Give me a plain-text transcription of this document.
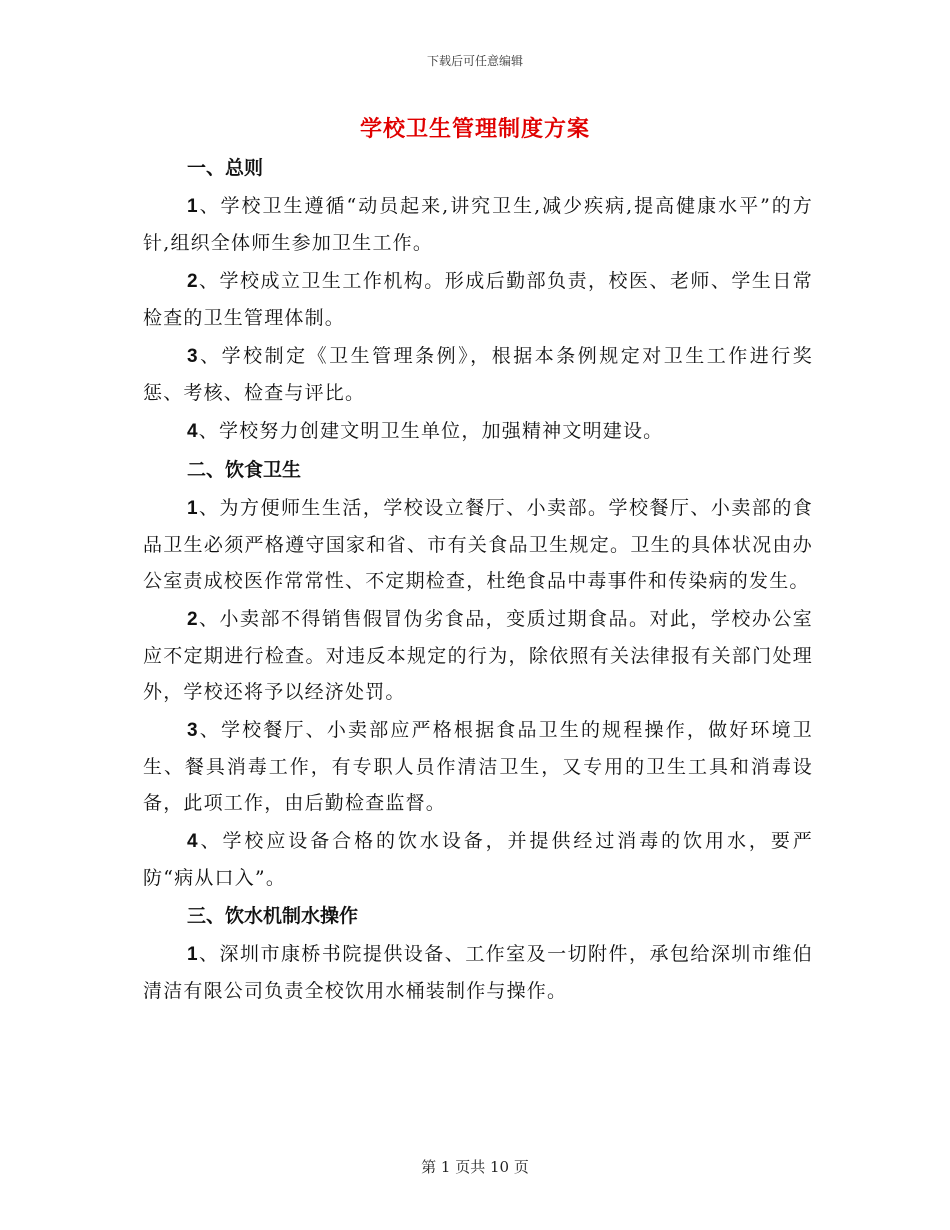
下载后可任意编辑
学校卫生管理制度方案
一、总则

1、学校卫生遵循“动员起来,讲究卫生,减少疾病,提高健康水平”的方针,组织全体师生参加卫生工作。

2、学校成立卫生工作机构。形成后勤部负责，校医、老师、学生日常检查的卫生管理体制。

3、学校制定《卫生管理条例》，根据本条例规定对卫生工作进行奖惩、考核、检查与评比。

4、学校努力创建文明卫生单位，加强精神文明建设。

二、饮食卫生

1、为方便师生生活，学校设立餐厅、小卖部。学校餐厅、小卖部的食品卫生必须严格遵守国家和省、市有关食品卫生规定。卫生的具体状况由办公室责成校医作常常性、不定期检查，杜绝食品中毒事件和传染病的发生。

2、小卖部不得销售假冒伪劣食品，变质过期食品。对此，学校办公室应不定期进行检查。对违反本规定的行为，除依照有关法律报有关部门处理外，学校还将予以经济处罚。

3、学校餐厅、小卖部应严格根据食品卫生的规程操作，做好环境卫生、餐具消毒工作，有专职人员作清洁卫生，又专用的卫生工具和消毒设备，此项工作，由后勤检查监督。

4、学校应设备合格的饮水设备，并提供经过消毒的饮用水，要严防“病从口入”。

三、饮水机制水操作

1、深圳市康桥书院提供设备、工作室及一切附件，承包给深圳市维伯清洁有限公司负责全校饮用水桶装制作与操作。

第 1 页共 10 页
